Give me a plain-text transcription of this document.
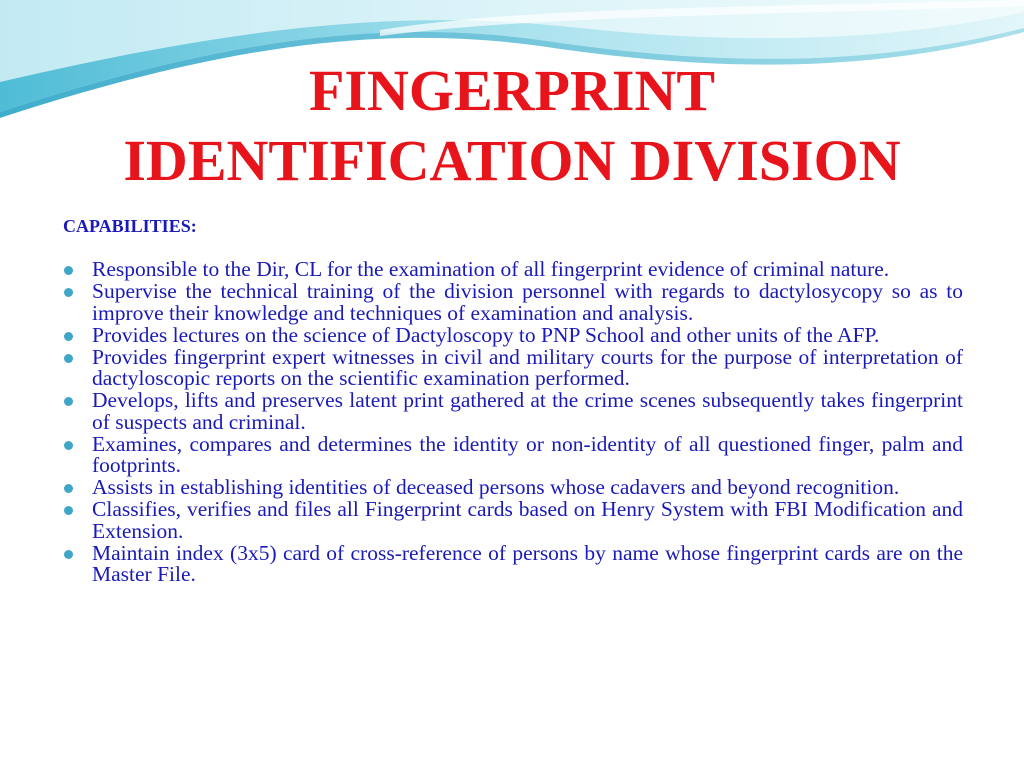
FINGERPRINT
IDENTIFICATION DIVISION
CAPABILITIES:
Responsible to the Dir, CL for the examination of all fingerprint evidence of criminal nature.
Supervise the technical training of the division personnel with regards to dactylosycopy so as to improve their knowledge and techniques of examination and analysis.
Provides lectures on the science of Dactyloscopy to PNP School and other units of the AFP.
Provides fingerprint expert witnesses in civil and military courts for the purpose of interpretation of dactyloscopic reports on the scientific examination performed.
Develops, lifts and preserves latent print gathered at the crime scenes subsequently takes fingerprint of suspects and criminal.
Examines, compares and determines the identity or non-identity of all questioned finger, palm and footprints.
Assists in establishing identities of deceased persons whose cadavers and beyond recognition.
Classifies, verifies and files all Fingerprint cards based on Henry System with FBI Modification and Extension.
Maintain index (3x5) card of cross-reference of persons by name whose fingerprint cards are on the Master File.
